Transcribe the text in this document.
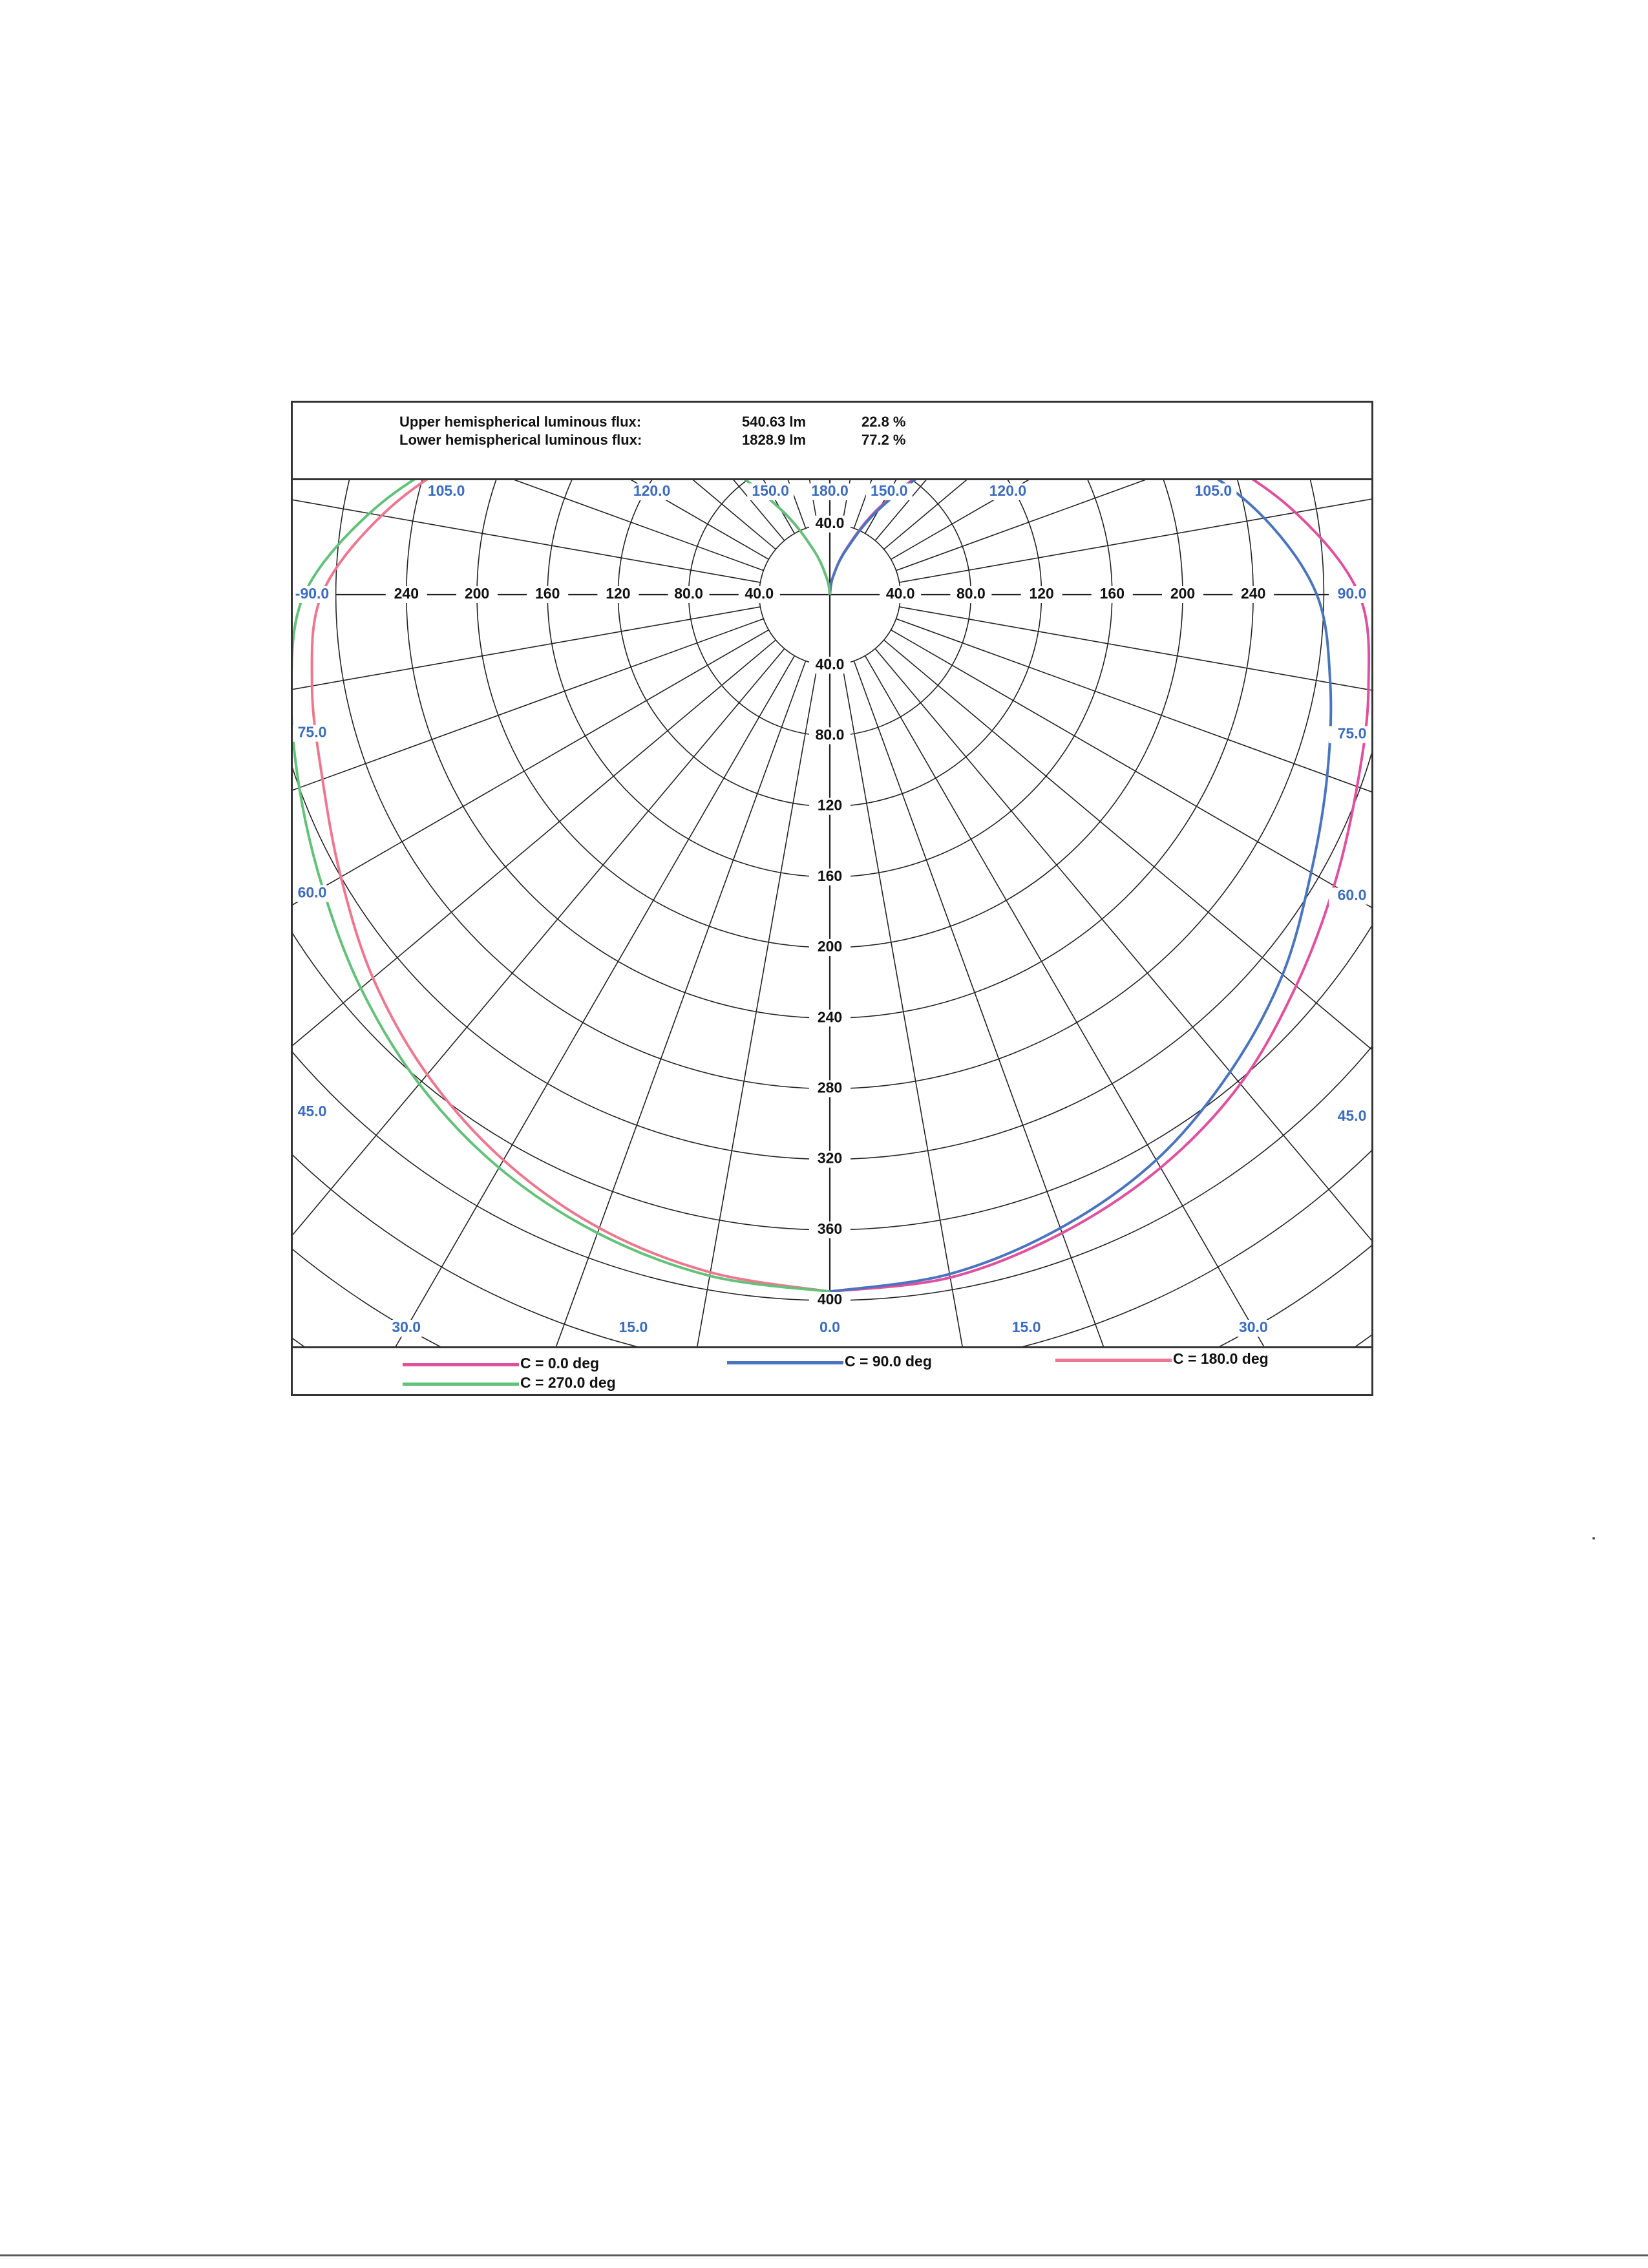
Upper hemispherical luminous flux:	540.63 lm	22.8 %
Lower hemispherical luminous flux:	1828.9 lm	77.2 %
40.0
80.0
120
160
200
240
280
320
360
400
40.0
240	200	160	120	80.0	40.0	40.0	80.0	120	160	200	240
105.0	120.0	150.0 180.0 150.0	120.0	105.0
-90.0
75.0
60.0
45.0
90.0
75.0
60.0
45.0
30.0	15.0	0.0	15.0	30.0
C = 0.0 deg
C = 270.0 deg
C = 90.0 deg	C = 180.0 deg
